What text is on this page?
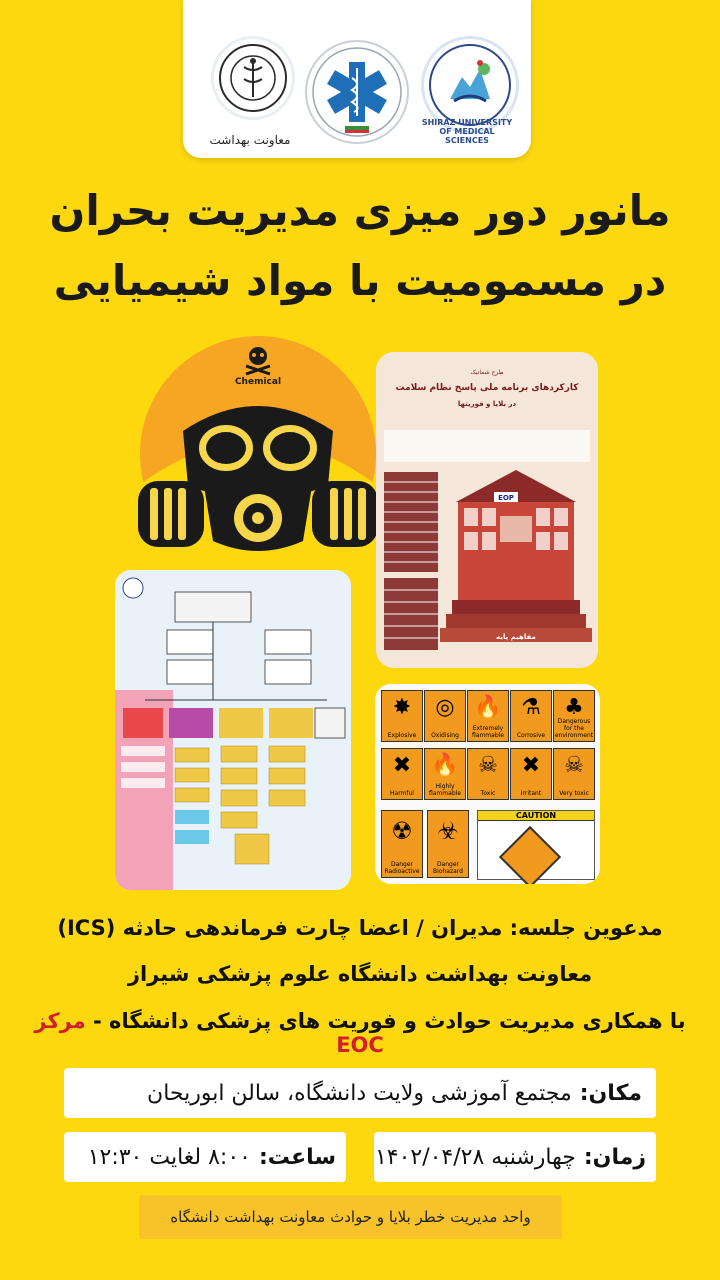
معاونت بهداشت
SHIRAZ UNIVERSITY OF MEDICAL SCIENCES
مانور دور میزی مدیریت بحران
در مسمومیت با مواد شیمیایی
Chemical
طرح شماتیک
کارکردهای برنامه ملی پاسخ نظام سلامت
در بلایا و فوریتها
EOP
مفاهیم پایه
✸
Explosive
◎
Oxidising
🔥
Extremely flammable
⚗
Corrosive
♣
Dangerous for the environment
✖
Harmful
🔥
Highly flammable
☠
Toxic
✖
Irritant
☠
Very toxic
☢
Danger Radioactive
☣
Danger Biohazard
CAUTION
مدعوین جلسه: مدیران / اعضا چارت فرماندهی حادثه (ICS)
معاونت بهداشت دانشگاه علوم پزشکی شیراز
با همکاری مدیریت حوادث و فوریت های پزشکی دانشگاه - مرکز EOC
مکان:
مجتمع آموزشی ولایت دانشگاه، سالن ابوریحان
زمان:
چهارشنبه ۱۴۰۲/۰۴/۲۸
ساعت:
۸:۰۰ لغایت ۱۲:۳۰
واحد مدیریت خطر بلایا و حوادث معاونت بهداشت دانشگاه
